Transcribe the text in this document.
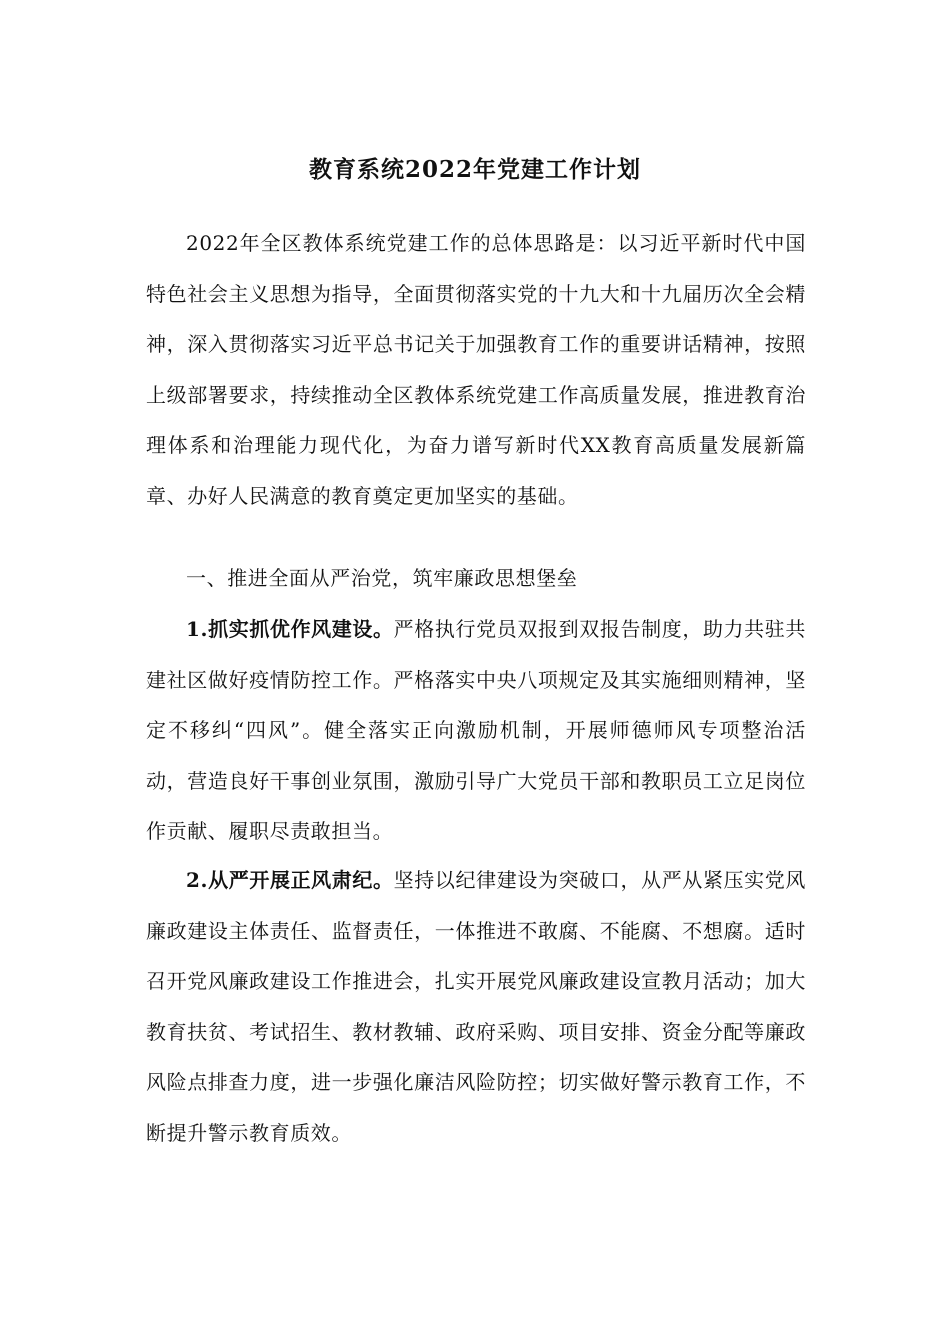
教育系统2022年党建工作计划

2022年全区教体系统党建工作的总体思路是：以习近平新时代中国特色社会主义思想为指导，全面贯彻落实党的十九大和十九届历次全会精神，深入贯彻落实习近平总书记关于加强教育工作的重要讲话精神，按照上级部署要求，持续推动全区教体系统党建工作高质量发展，推进教育治理体系和治理能力现代化，为奋力谱写新时代XX教育高质量发展新篇章、办好人民满意的教育奠定更加坚实的基础。

一、推进全面从严治党，筑牢廉政思想堡垒

1.抓实抓优作风建设。严格执行党员双报到双报告制度，助力共驻共建社区做好疫情防控工作。严格落实中央八项规定及其实施细则精神，坚定不移纠“四风”。健全落实正向激励机制，开展师德师风专项整治活动，营造良好干事创业氛围，激励引导广大党员干部和教职员工立足岗位作贡献、履职尽责敢担当。

2.从严开展正风肃纪。坚持以纪律建设为突破口，从严从紧压实党风廉政建设主体责任、监督责任，一体推进不敢腐、不能腐、不想腐。适时召开党风廉政建设工作推进会，扎实开展党风廉政建设宣教月活动；加大教育扶贫、考试招生、教材教辅、政府采购、项目安排、资金分配等廉政风险点排查力度，进一步强化廉洁风险防控；切实做好警示教育工作，不断提升警示教育质效。
